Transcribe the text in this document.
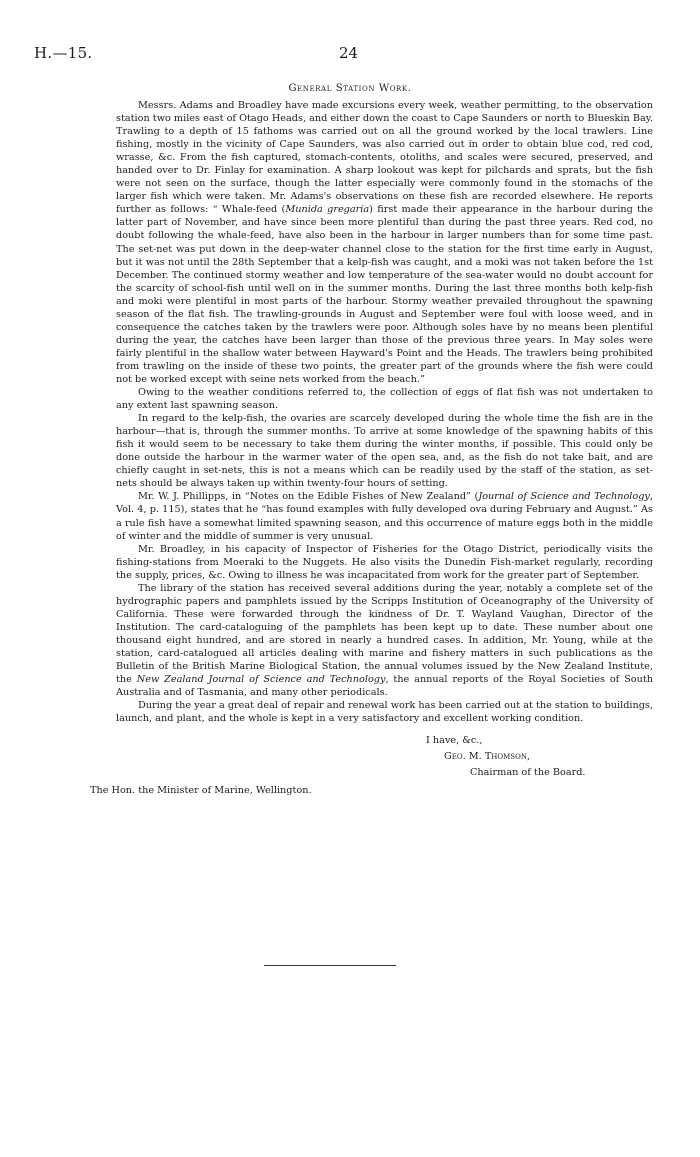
H.—15.	24
General Station Work.

Messrs. Adams and Broadley have made excursions every week, weather permitting, to the observation station two miles east of Otago Heads, and either down the coast to Cape Saunders or north to Blueskin Bay. Trawling to a depth of 15 fathoms was carried out on all the ground worked by the local trawlers. Line fishing, mostly in the vicinity of Cape Saunders, was also carried out in order to obtain blue cod, red cod, wrasse, &c. From the fish captured, stomach-contents, otoliths, and scales were secured, preserved, and handed over to Dr. Finlay for examination. A sharp lookout was kept for pilchards and sprats, but the fish were not seen on the surface, though the latter especially were commonly found in the stomachs of the larger fish which were taken. Mr. Adams's observations on these fish are recorded elsewhere. He reports further as follows: “ Whale-feed (Munida gregaria) first made their appearance in the harbour during the latter part of November, and have since been more plentiful than during the past three years. Red cod, no doubt following the whale-feed, have also been in the harbour in larger numbers than for some time past. The set-net was put down in the deep-water channel close to the station for the first time early in August, but it was not until the 28th September that a kelp-fish was caught, and a moki was not taken before the 1st December. The continued stormy weather and low temperature of the sea-water would no doubt account for the scarcity of school-fish until well on in the summer months. During the last three months both kelp-fish and moki were plentiful in most parts of the harbour. Stormy weather prevailed throughout the spawning season of the flat fish. The trawling-grounds in August and September were foul with loose weed, and in consequence the catches taken by the trawlers were poor. Although soles have by no means been plentiful during the year, the catches have been larger than those of the previous three years. In May soles were fairly plentiful in the shallow water between Hayward's Point and the Heads. The trawlers being prohibited from trawling on the inside of these two points, the greater part of the grounds where the fish were could not be worked except with seine nets worked from the beach.”

Owing to the weather conditions referred to, the collection of eggs of flat fish was not undertaken to any extent last spawning season.

In regard to the kelp-fish, the ovaries are scarcely developed during the whole time the fish are in the harbour—that is, through the summer months. To arrive at some knowledge of the spawning habits of this fish it would seem to be necessary to take them during the winter months, if possible. This could only be done outside the harbour in the warmer water of the open sea, and, as the fish do not take bait, and are chiefly caught in set-nets, this is not a means which can be readily used by the staff of the station, as set-nets should be always taken up within twenty-four hours of setting.

Mr. W. J. Phillipps, in “Notes on the Edible Fishes of New Zealand” (Journal of Science and Technology, Vol. 4, p. 115), states that he “has found examples with fully developed ova during February and August.” As a rule fish have a somewhat limited spawning season, and this occurrence of mature eggs both in the middle of winter and the middle of summer is very unusual.

Mr. Broadley, in his capacity of Inspector of Fisheries for the Otago District, periodically visits the fishing-stations from Moeraki to the Nuggets. He also visits the Dunedin Fish-market regularly, recording the supply, prices, &c. Owing to illness he was incapacitated from work for the greater part of September.

The library of the station has received several additions during the year, notably a complete set of the hydrographic papers and pamphlets issued by the Scripps Institution of Oceanography of the University of California. These were forwarded through the kindness of Dr. T. Wayland Vaughan, Director of the Institution. The card-cataloguing of the pamphlets has been kept up to date. These number about one thousand eight hundred, and are stored in nearly a hundred cases. In addition, Mr. Young, while at the station, card-catalogued all articles dealing with marine and fishery matters in such publications as the Bulletin of the British Marine Biological Station, the annual volumes issued by the New Zealand Institute, the New Zealand Journal of Science and Technology, the annual reports of the Royal Societies of South Australia and of Tasmania, and many other periodicals.

During the year a great deal of repair and renewal work has been carried out at the station to buildings, launch, and plant, and the whole is kept in a very satisfactory and excellent working condition.

I have, &c.,
Geo. M. Thomson,
Chairman of the Board.
The Hon. the Minister of Marine, Wellington.
